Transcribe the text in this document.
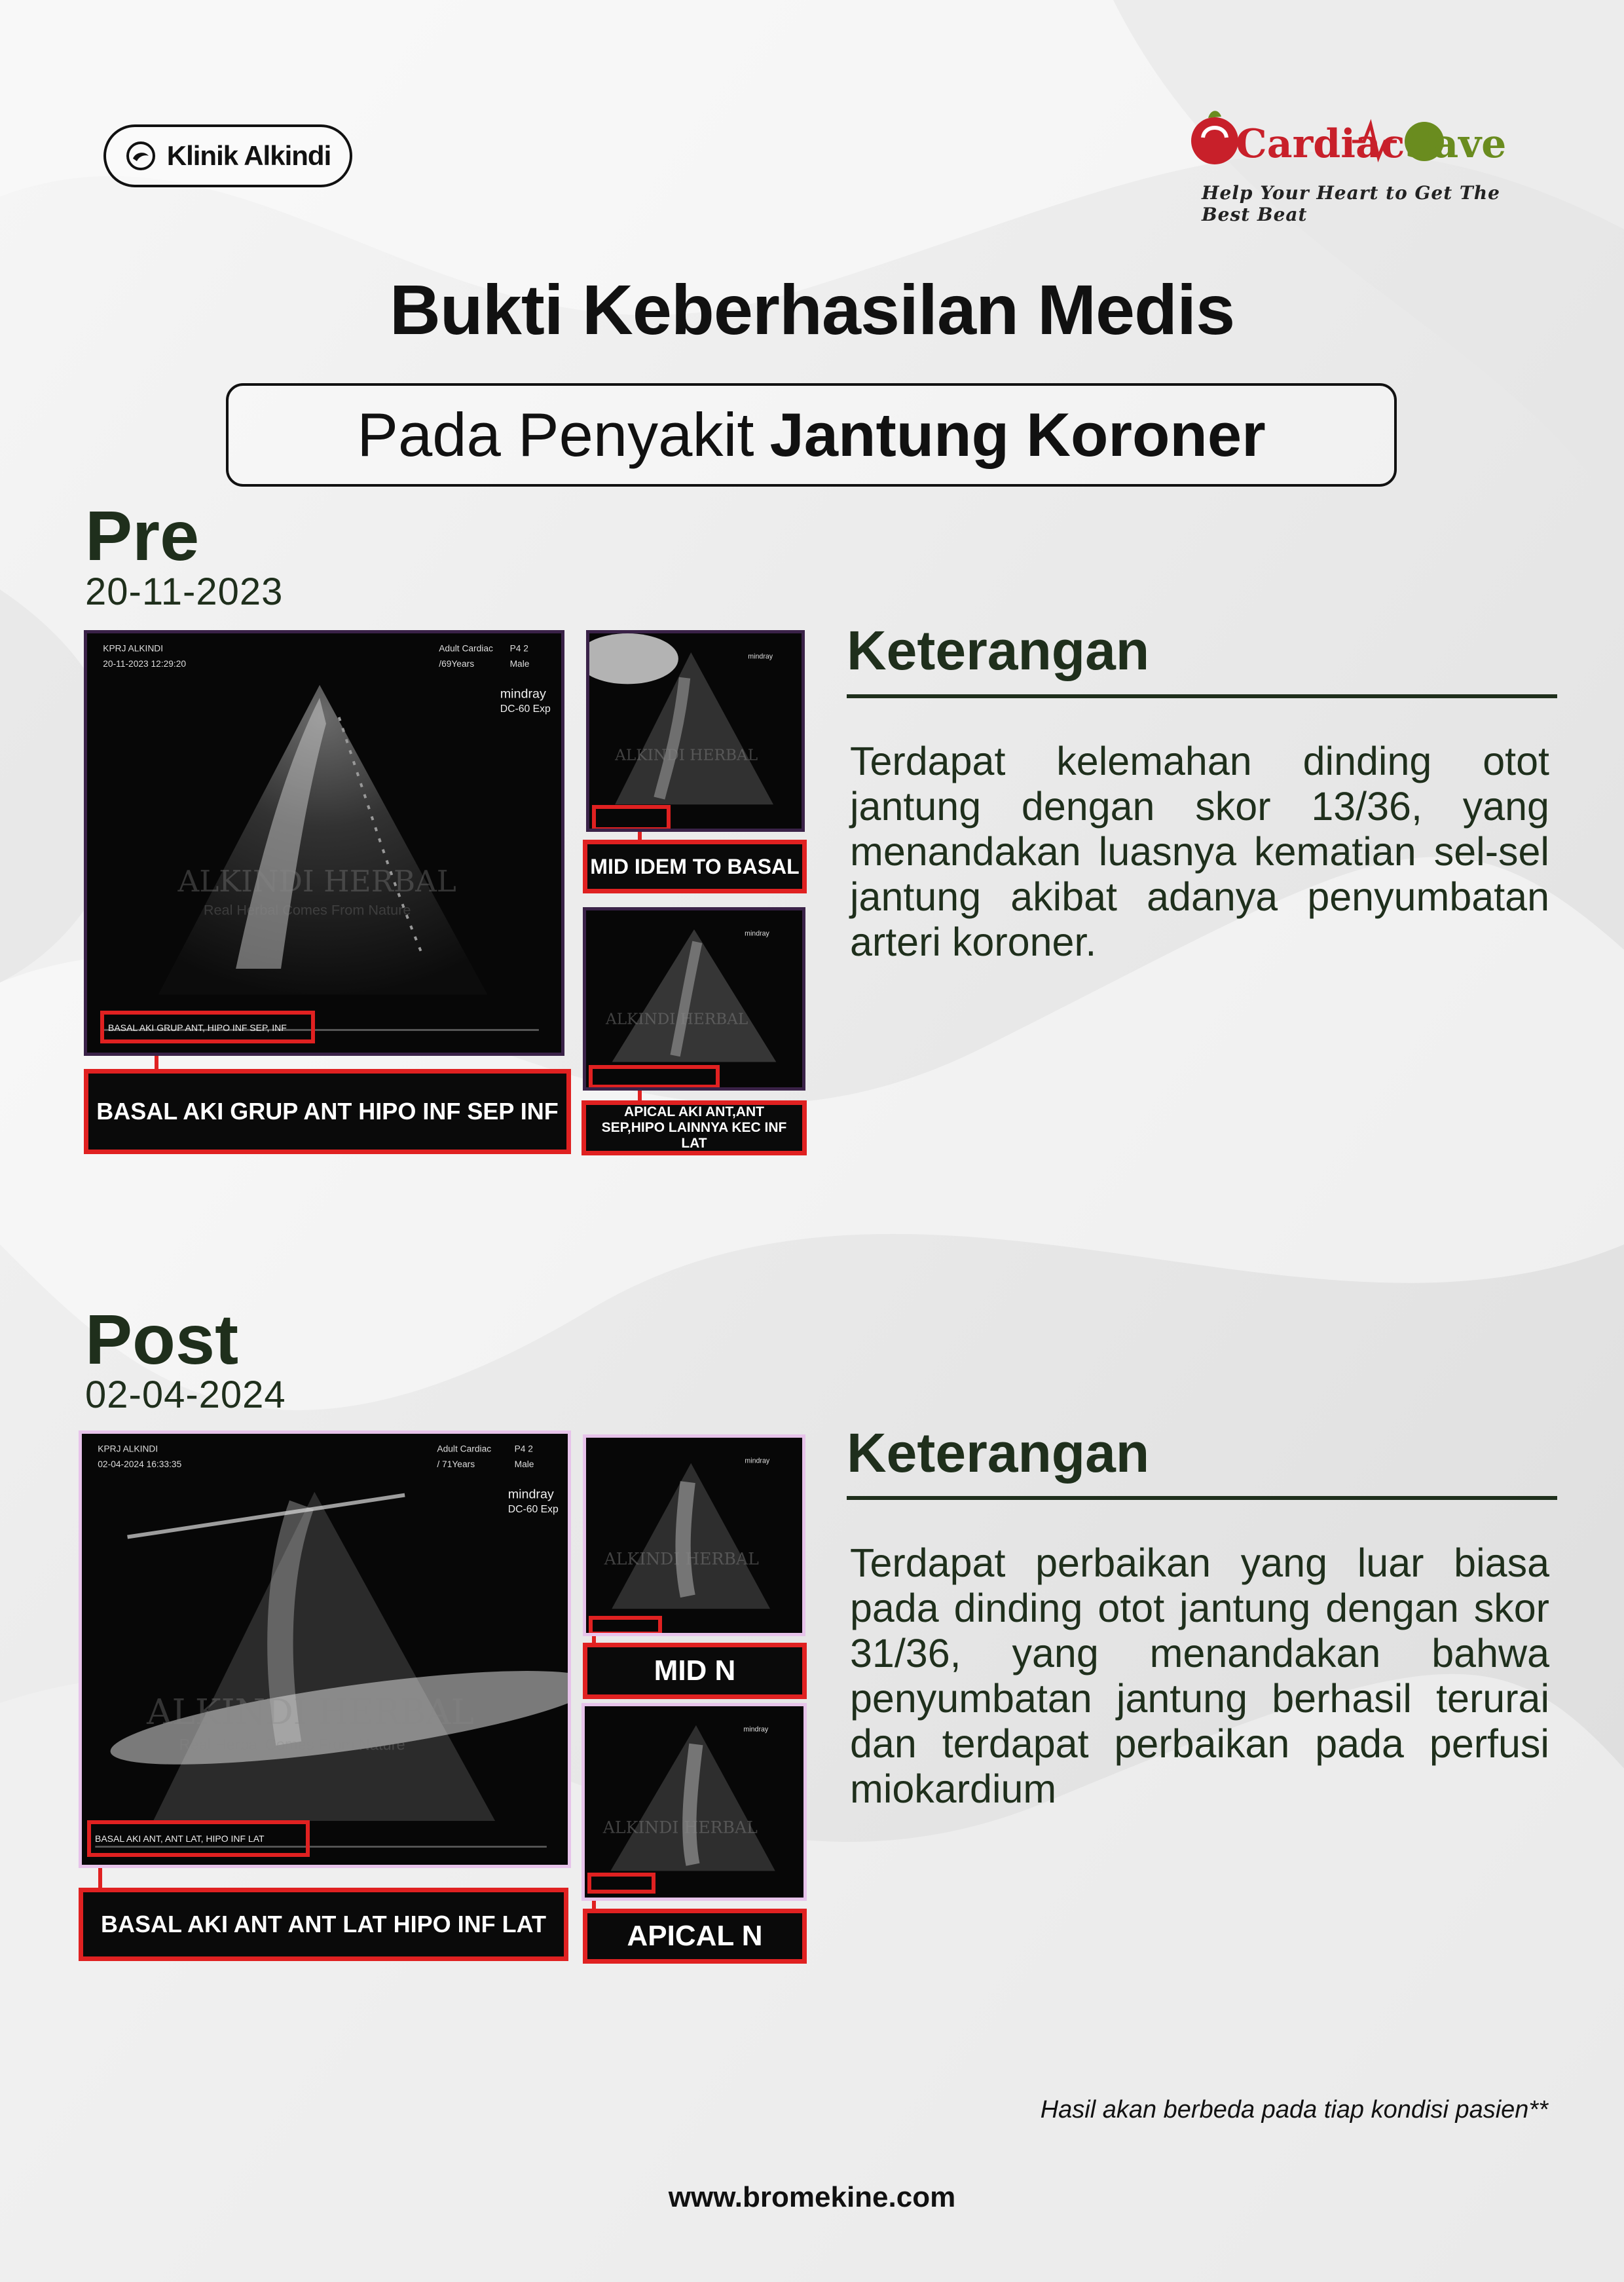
Klinik Alkindi	Cardiac Save
Help Your Heart to Get The Best Beat
Bukti Keberhasilan Medis
Pada Penyakit Jantung Koroner
Pre
20-11-2023
KPRJ ALKINDI
20-11-2023 12:29:20
Adult Cardiac
/69Years
P4 2
Male
mindray
DC-60 Exp
ALKINDI HERBAL
Real Herbal Comes From Nature
BASAL AKI GRUP ANT, HIPO INF SEP, INF
BASAL AKI GRUP ANT HIPO INF SEP INF
ALKINDI HERBAL
mindray
MID IDEM TO BASAL
ALKINDI HERBAL
mindray
APICAL AKI ANT,ANT SEP,HIPO LAINNYA KEC INF LAT
Keterangan
Terdapat kelemahan dinding otot jantung dengan skor 13/36, yang menandakan luasnya kematian sel-sel jantung akibat adanya penyumbatan arteri koroner.
Post
02-04-2024
KPRJ ALKINDI
02-04-2024 16:33:35
Adult Cardiac
/ 71Years
P4 2
Male
mindray
DC-60 Exp
ALKINDI HERBAL
Real Herbal Comes From Nature
BASAL AKI ANT, ANT LAT, HIPO INF LAT
BASAL AKI ANT ANT LAT HIPO INF LAT
ALKINDI HERBAL
mindray
MID N
ALKINDI HERBAL
mindray
APICAL N
Keterangan
Terdapat perbaikan yang luar biasa pada dinding otot jantung dengan skor 31/36, yang menandakan bahwa penyumbatan jantung berhasil terurai dan terdapat perbaikan pada perfusi miokardium
Hasil akan berbeda pada tiap kondisi pasien**
www.bromekine.com
